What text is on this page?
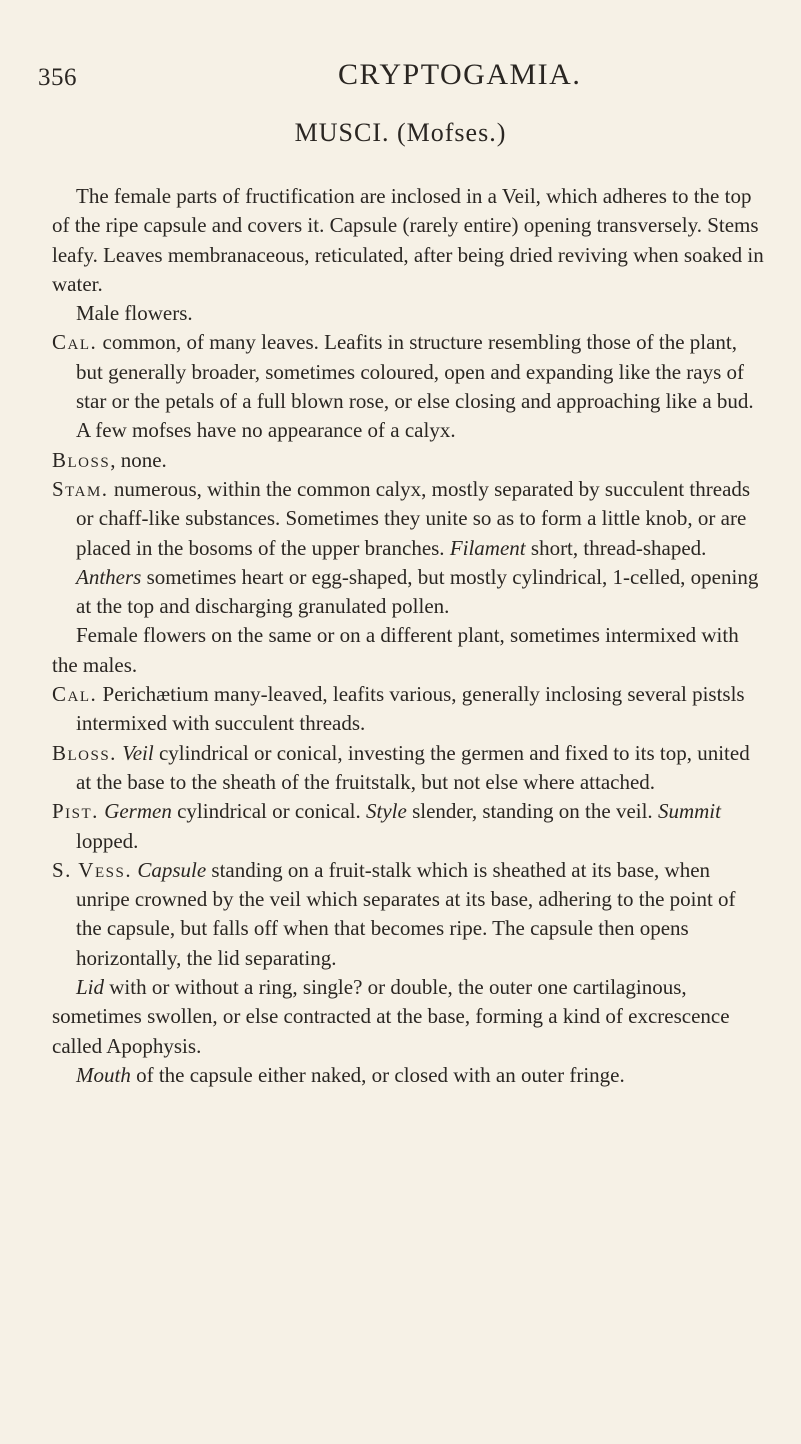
356	CRYPTOGAMIA.
MUSCI. (Mofses.)

The female parts of fructification are inclosed in a Veil, which adheres to the top of the ripe capsule and covers it. Capsule (rarely entire) opening transversely. Stems leafy. Leaves membranaceous, reticulated, after being dried reviving when soaked in water.

Male flowers.

Cal. common, of many leaves. Leafits in structure resembling those of the plant, but generally broader, sometimes coloured, open and expanding like the rays of star or the petals of a full blown rose, or else closing and approaching like a bud. A few mofses have no appearance of a calyx.

Bloss, none.

Stam. numerous, within the common calyx, mostly separated by succulent threads or chaff-like substances. Sometimes they unite so as to form a little knob, or are placed in the bosoms of the upper branches. Filament short, thread-shaped. Anthers sometimes heart or egg-shaped, but mostly cylindrical, 1-celled, opening at the top and discharging granulated pollen.

Female flowers on the same or on a different plant, sometimes intermixed with the males.

Cal. Perichætium many-leaved, leafits various, generally inclosing several pistsls intermixed with succulent threads.

Bloss. Veil cylindrical or conical, investing the germen and fixed to its top, united at the base to the sheath of the fruitstalk, but not else where attached.

Pist. Germen cylindrical or conical. Style slender, standing on the veil. Summit lopped.

S. Vess. Capsule standing on a fruit-stalk which is sheathed at its base, when unripe crowned by the veil which separates at its base, adhering to the point of the capsule, but falls off when that becomes ripe. The capsule then opens horizontally, the lid separating.

Lid with or without a ring, single? or double, the outer one cartilaginous, sometimes swollen, or else contracted at the base, forming a kind of excrescence called Apophysis.

Mouth of the capsule either naked, or closed with an outer fringe.
